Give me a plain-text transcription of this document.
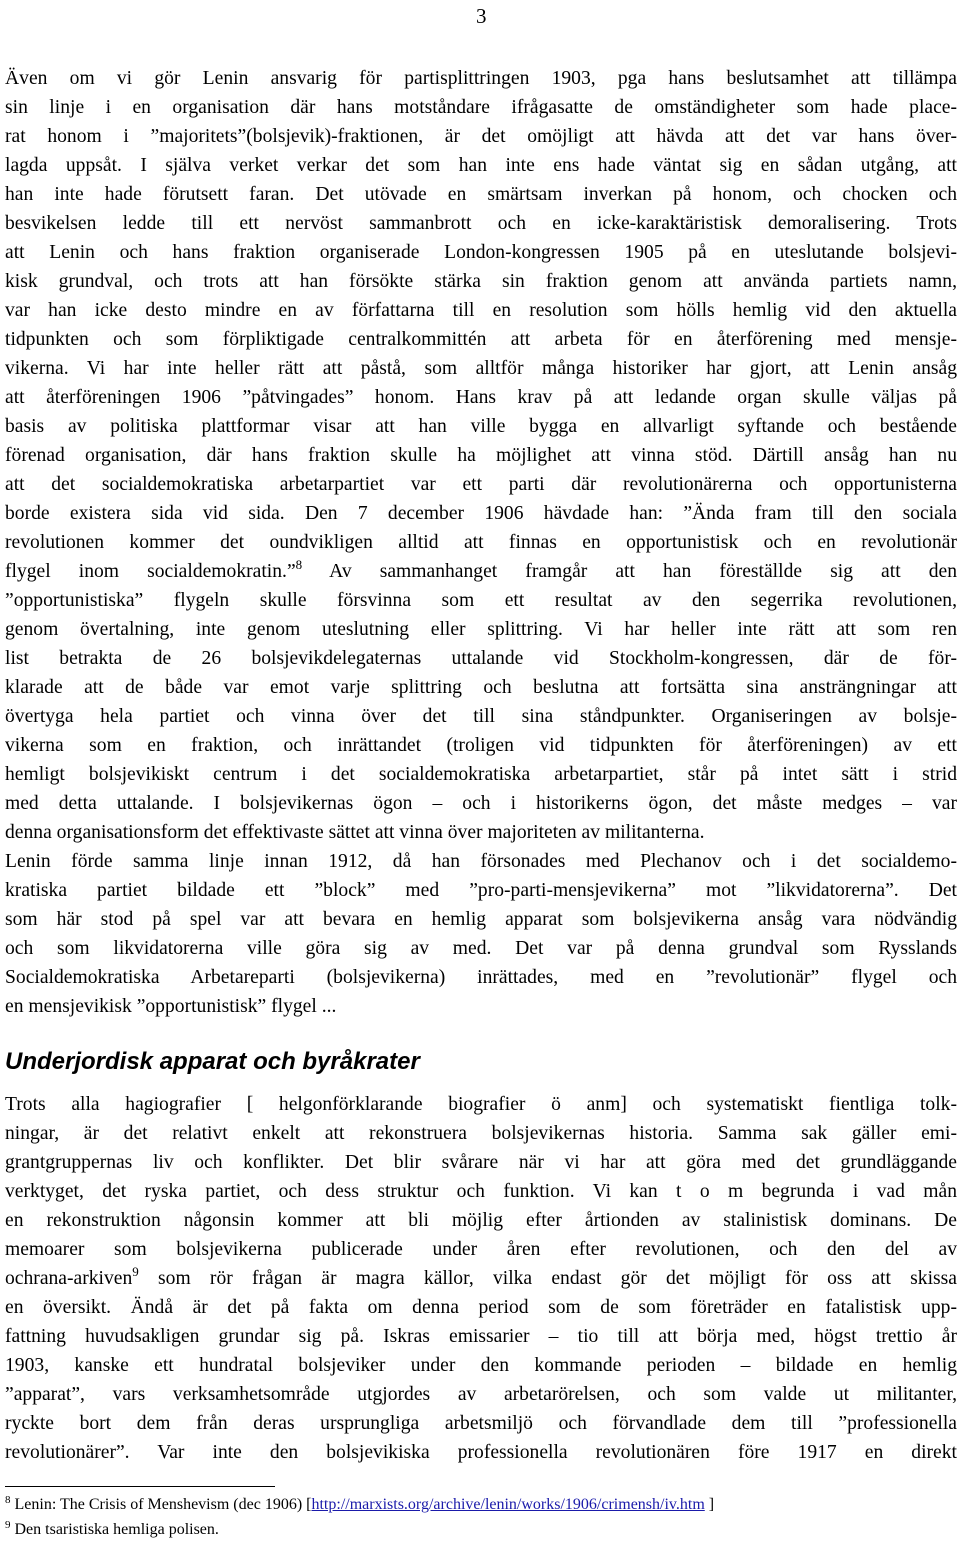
3
Även om vi gör Lenin ansvarig för partisplittringen 1903, pga hans beslutsamhet att tillämpa
sin linje i en organisation där hans motståndare ifrågasatte de omständigheter som hade place-
rat honom i ”majoritets”(bolsjevik)-fraktionen, är det omöjligt att hävda att det var hans över-
lagda uppsåt. I själva verket verkar det som han inte ens hade väntat sig en sådan utgång, att
han inte hade förutsett faran. Det utövade en smärtsam inverkan på honom, och chocken och
besvikelsen ledde till ett nervöst sammanbrott och en icke-karaktäristisk demoralisering. Trots
att Lenin och hans fraktion organiserade London-kongressen 1905 på en uteslutande bolsjevi-
kisk grundval, och trots att han försökte stärka sin fraktion genom att använda partiets namn,
var han icke desto mindre en av författarna till en resolution som hölls hemlig vid den aktuella
tidpunkten och som förpliktigade centralkommittén att arbeta för en återförening med mensje-
vikerna. Vi har inte heller rätt att påstå, som alltför många historiker har gjort, att Lenin ansåg
att återföreningen 1906 ”påtvingades” honom. Hans krav på att ledande organ skulle väljas på
basis av politiska plattformar visar att han ville bygga en allvarligt syftande och bestående
förenad organisation, där hans fraktion skulle ha möjlighet att vinna stöd. Därtill ansåg han nu
att det socialdemokratiska arbetarpartiet var ett parti där revolutionärerna och opportunisterna
borde existera sida vid sida. Den 7 december 1906 hävdade han: ”Ända fram till den sociala
revolutionen kommer det oundvikligen alltid att finnas en opportunistisk och en revolutionär
flygel inom socialdemokratin.”$^8$ Av sammanhanget framgår att han föreställde sig att den
”opportunistiska” flygeln skulle försvinna som ett resultat av den segerrika revolutionen,
genom övertalning, inte genom uteslutning eller splittring. Vi har heller inte rätt att som ren
list betrakta de 26 bolsjevikdelegaternas uttalande vid Stockholm-kongressen, där de för-
klarade att de både var emot varje splittring och beslutna att fortsätta sina ansträngningar att
övertyga hela partiet och vinna över det till sina ståndpunkter. Organiseringen av bolsje-
vikerna som en fraktion, och inrättandet (troligen vid tidpunkten för återföreningen) av ett
hemligt bolsjevikiskt centrum i det socialdemokratiska arbetarpartiet, står på intet sätt i strid
med detta uttalande. I bolsjevikernas ögon – och i historikerns ögon, det måste medges – var
denna organisationsform det effektivaste sättet att vinna över majoriteten av militanterna.
Lenin förde samma linje innan 1912, då han försonades med Plechanov och i det socialdemo-
kratiska partiet bildade ett ”block” med ”pro-parti-mensjevikerna” mot ”likvidatorerna”. Det
som här stod på spel var att bevara en hemlig apparat som bolsjevikerna ansåg vara nödvändig
och som likvidatorerna ville göra sig av med. Det var på denna grundval som Rysslands
Socialdemokratiska Arbetareparti (bolsjevikerna) inrättades, med en ”revolutionär” flygel och
en mensjevikisk ”opportunistisk” flygel ...
Underjordisk apparat och byråkrater
Trots alla hagiografier [ helgonförklarande biografier ö anm] och systematiskt fientliga tolk-
ningar, är det relativt enkelt att rekonstruera bolsjevikernas historia. Samma sak gäller emi-
grantgruppernas liv och konflikter. Det blir svårare när vi har att göra med det grundläggande
verktyget, det ryska partiet, och dess struktur och funktion. Vi kan t o m begrunda i vad mån
en rekonstruktion någonsin kommer att bli möjlig efter årtionden av stalinistisk dominans. De
memoarer som bolsjevikerna publicerade under åren efter revolutionen, och den del av
ochrana-arkiven$^9$ som rör frågan är magra källor, vilka endast gör det möjligt för oss att skissa
en översikt. Ändå är det på fakta om denna period som de som företräder en fatalistisk upp-
fattning huvudsakligen grundar sig på. Iskras emissarier – tio till att börja med, högst trettio år
1903, kanske ett hundratal bolsjeviker under den kommande perioden – bildade en hemlig
”apparat”, vars verksamhetsområde utgjordes av arbetarörelsen, och som valde ut militanter,
ryckte bort dem från deras ursprungliga arbetsmiljö och förvandlade dem till ”professionella
revolutionärer”. Var inte den bolsjevikiska professionella revolutionären före 1917 en direkt
$^8$ Lenin: The Crisis of Menshevism (dec 1906) [http://marxists.org/archive/lenin/works/1906/crimensh/iv.htm ]
$^9$ Den tsaristiska hemliga polisen.
